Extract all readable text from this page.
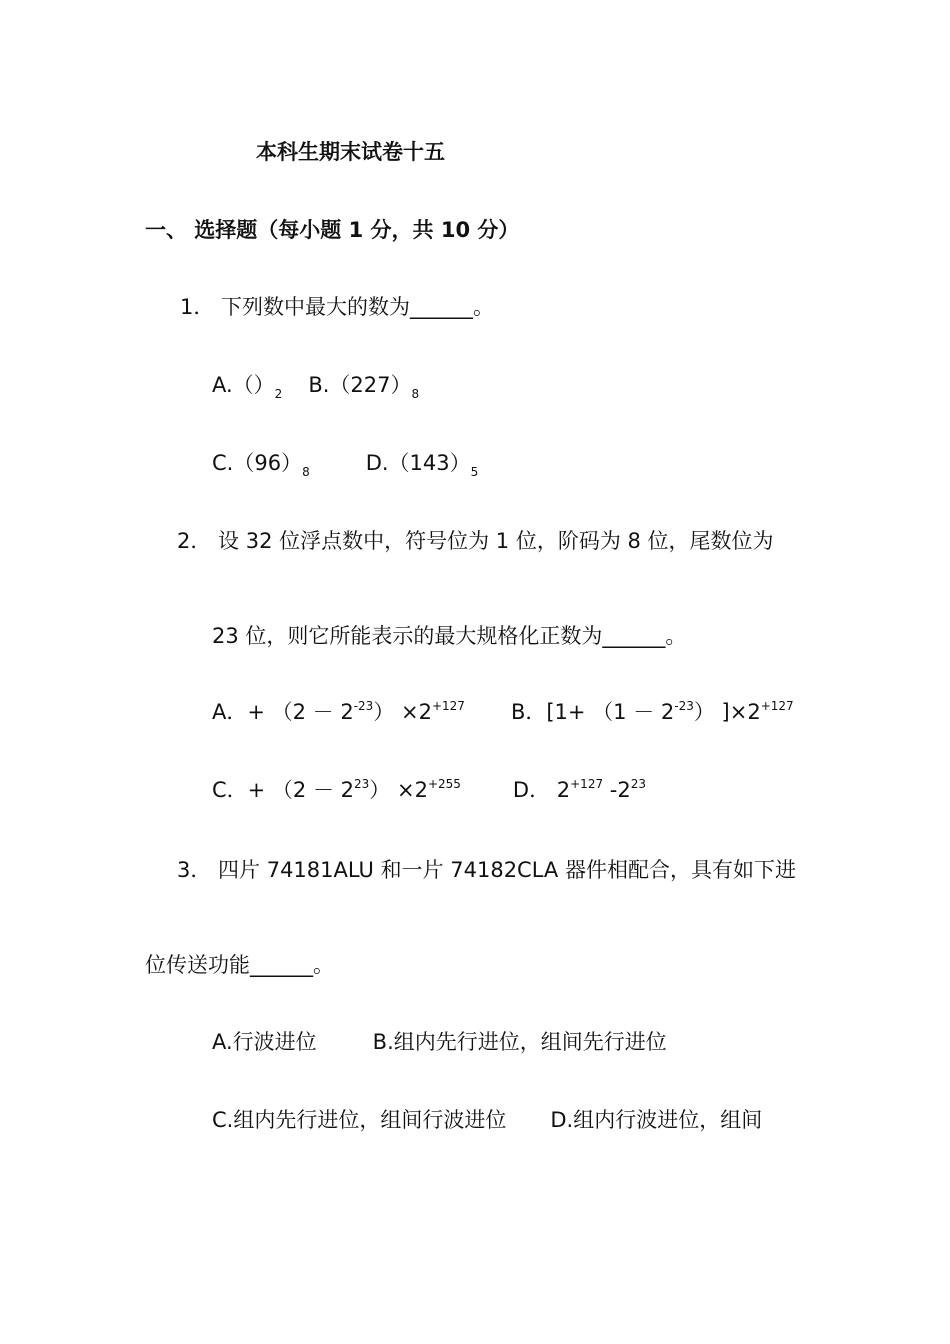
本科生期末试卷十五
一、 选择题（每小题 1 分，共 10 分）
1． 下列数中最大的数为______。
$A.()_2$ $B.(227)_8$
$C.(96)_8$	$D.(143)_5$
2． 设 32 位浮点数中，符号位为 1 位，阶码为 8 位，尾数位为
23 位，则它所能表示的最大规格化正数为______。
A．+ $(2 - 2^{-23}) \times 2^{+127}$ B．[$1+ (1 - 2^{-23})$ ]$\times 2^{+127}$
C．+ $(2 - 2^{23}) \times 2^{+255}$ D． $2^{+127}$ $-2^{23}$
3． 四片 74181ALU 和一片 74182CLA 器件相配合，具有如下进
位传送功能______。
A.行波进位	B.组内先行进位，组间先行进位
C.组内先行进位，组间行波进位 D.组内行波进位，组间
